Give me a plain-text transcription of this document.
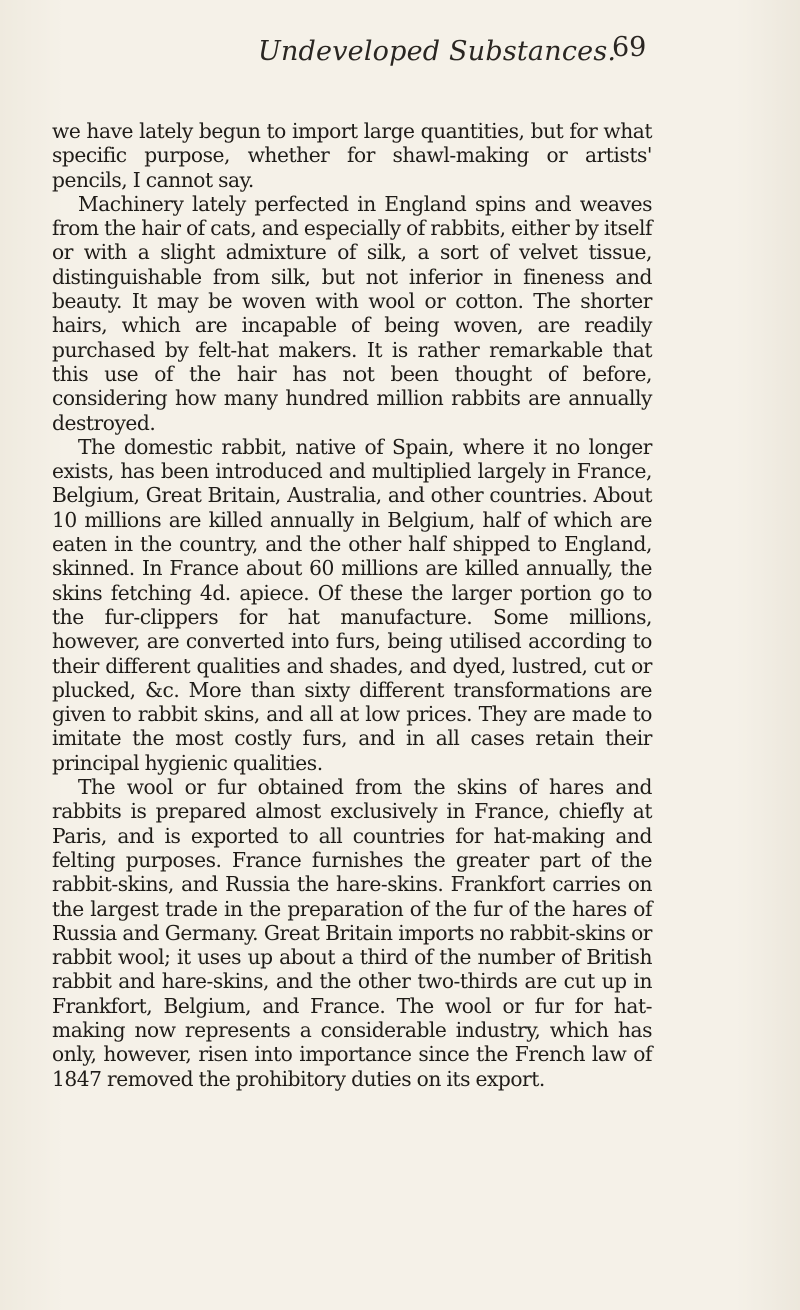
Undeveloped Substances.
69

we have lately begun to import large quantities, but for what specific purpose, whether for shawl-making or artists' pencils, I cannot say.

Machinery lately perfected in England spins and weaves from the hair of cats, and especially of rabbits, either by itself or with a slight admixture of silk, a sort of velvet tissue, distinguishable from silk, but not inferior in fineness and beauty. It may be woven with wool or cotton. The shorter hairs, which are incapable of being woven, are readily purchased by felt-hat makers. It is rather remarkable that this use of the hair has not been thought of before, considering how many hundred million rabbits are annually destroyed.

The domestic rabbit, native of Spain, where it no longer exists, has been introduced and multiplied largely in France, Belgium, Great Britain, Australia, and other countries. About 10 millions are killed annually in Belgium, half of which are eaten in the country, and the other half shipped to England, skinned. In France about 60 millions are killed annually, the skins fetching 4d. apiece. Of these the larger portion go to the fur-clippers for hat manufacture. Some millions, however, are converted into furs, being utilised according to their different qualities and shades, and dyed, lustred, cut or plucked, &c. More than sixty different transformations are given to rabbit skins, and all at low prices. They are made to imitate the most costly furs, and in all cases retain their principal hygienic qualities.

The wool or fur obtained from the skins of hares and rabbits is prepared almost exclusively in France, chiefly at Paris, and is exported to all countries for hat-making and felting purposes. France furnishes the greater part of the rabbit-skins, and Russia the hare-skins. Frankfort carries on the largest trade in the preparation of the fur of the hares of Russia and Germany. Great Britain imports no rabbit-skins or rabbit wool; it uses up about a third of the number of British rabbit and hare-skins, and the other two-thirds are cut up in Frankfort, Belgium, and France. The wool or fur for hat-making now represents a considerable industry, which has only, however, risen into importance since the French law of 1847 removed the prohibitory duties on its export.
